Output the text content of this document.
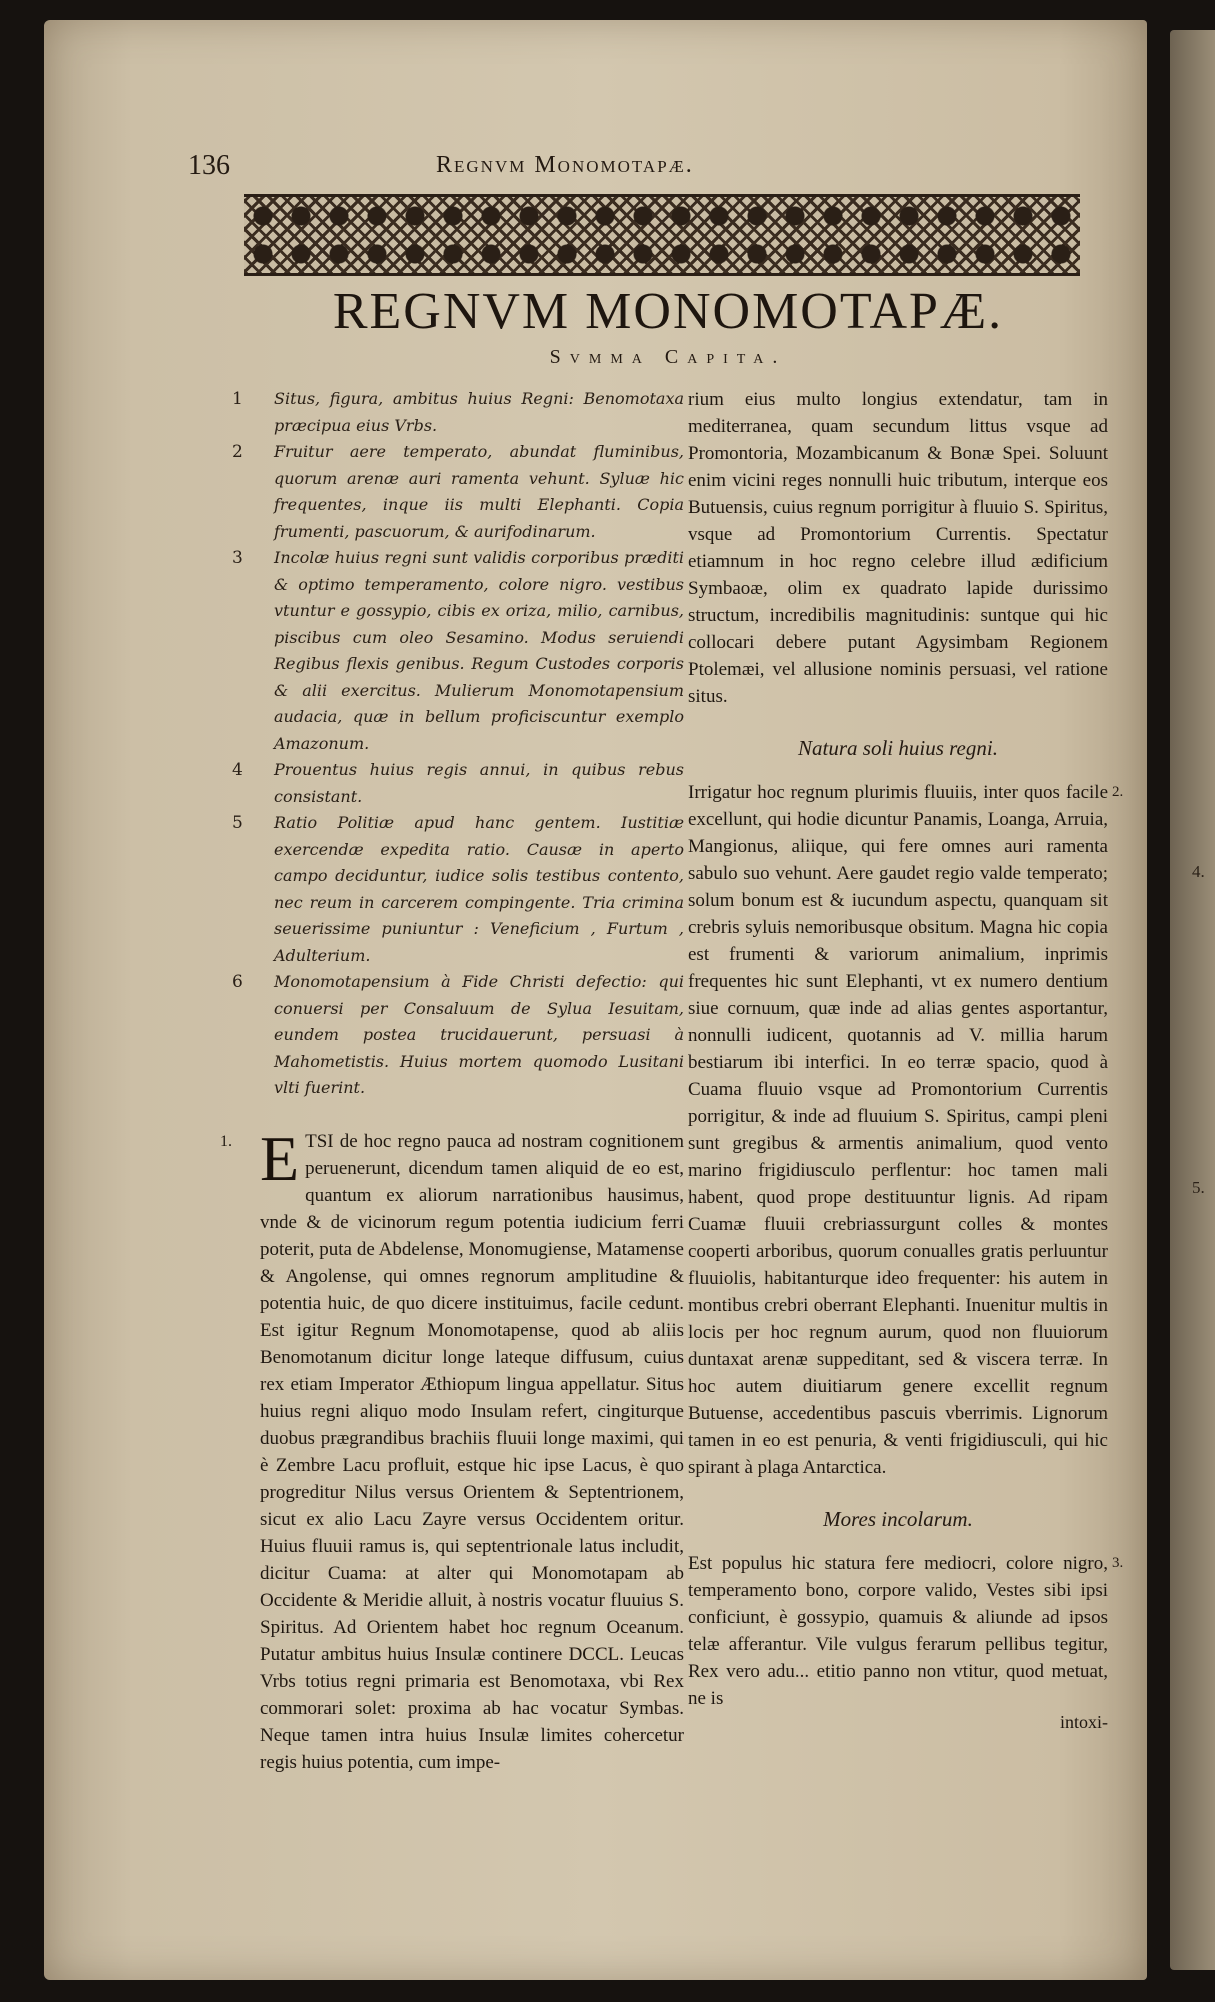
4.
5.
136	Regnvm Monomotapæ.
REGNVM MONOMOTAPÆ.
Svmma Capita.

1 Situs, figura, ambitus huius Regni: Benomotaxa præcipua eius Vrbs.

2 Fruitur aere temperato, abundat fluminibus, quorum arenæ auri ramenta vehunt. Syluæ hic frequentes, inque iis multi Elephanti. Copia frumenti, pascuorum, & aurifodinarum.

3 Incolæ huius regni sunt validis corporibus præditi & optimo temperamento, colore nigro. vestibus vtuntur e gossypio, cibis ex oriza, milio, carnibus, piscibus cum oleo Sesamino. Modus seruiendi Regibus flexis genibus. Regum Custodes corporis & alii exercitus. Mulierum Monomotapensium audacia, quæ in bellum proficiscuntur exemplo Amazonum.

4 Prouentus huius regis annui, in quibus rebus consistant.

5 Ratio Politiæ apud hanc gentem. Iustitiæ exercendæ expedita ratio. Causæ in aperto campo deciduntur, iudice solis testibus contento, nec reum in carcerem compingente. Tria crimina seuerissime puniuntur : Veneficium , Furtum , Adulterium.

6 Monomotapensium à Fide Christi defectio: qui conuersi per Consaluum de Sylua Iesuitam, eundem postea trucidauerunt, persuasi à Mahometistis. Huius mortem quomodo Lusitani vlti fuerint.

1. E TSI de hoc regno pauca ad nostram cognitionem peruenerunt, dicendum tamen aliquid de eo est, quantum ex aliorum narrationibus hausimus, vnde & de vicinorum regum potentia iudicium ferri poterit, puta de Abdelense, Monomugiense, Matamense & Angolense, qui omnes regnorum amplitudine & potentia huic, de quo dicere instituimus, facile cedunt. Est igitur Regnum Monomotapense, quod ab aliis Benomotanum dicitur longe lateque diffusum, cuius rex etiam Imperator Æthiopum lingua appellatur. Situs huius regni aliquo modo Insulam refert, cingiturque duobus prægrandibus brachiis fluuii longe maximi, qui è Zembre Lacu profluit, estque hic ipse Lacus, è quo progreditur Nilus versus Orientem & Septentrionem, sicut ex alio Lacu Zayre versus Occidentem oritur. Huius fluuii ramus is, qui septentrionale latus includit, dicitur Cuama: at alter qui Monomotapam ab Occidente & Meridie alluit, à nostris vocatur fluuius S. Spiritus. Ad Orientem habet hoc regnum Oceanum. Putatur ambitus huius Insulæ continere DCCL. Leucas Vrbs totius regni primaria est Benomotaxa, vbi Rex commorari solet: proxima ab hac vocatur Symbas. Neque tamen intra huius Insulæ limites cohercetur regis huius potentia, cum impe-

rium eius multo longius extendatur, tam in mediterranea, quam secundum littus vsque ad Promontoria, Mozambicanum & Bonæ Spei. Soluunt enim vicini reges nonnulli huic tributum, interque eos Butuensis, cuius regnum porrigitur à fluuio S. Spiritus, vsque ad Promontorium Currentis. Spectatur etiamnum in hoc regno celebre illud ædificium Symbaoæ, olim ex quadrato lapide durissimo structum, incredibilis magnitudinis: suntque qui hic collocari debere putant Agysimbam Regionem Ptolemæi, vel allusione nominis persuasi, vel ratione situs.

Natura soli huius regni.

2.
Irrigatur hoc regnum plurimis fluuiis, inter quos facile excellunt, qui hodie dicuntur Panamis, Loanga, Arruia, Mangionus, aliique, qui fere omnes auri ramenta sabulo suo vehunt. Aere gaudet regio valde temperato; solum bonum est & iucundum aspectu, quanquam sit crebris syluis nemoribusque obsitum. Magna hic copia est frumenti & variorum animalium, inprimis frequentes hic sunt Elephanti, vt ex numero dentium siue cornuum, quæ inde ad alias gentes asportantur, nonnulli iudicent, quotannis ad V. millia harum bestiarum ibi interfici. In eo terræ spacio, quod à Cuama fluuio vsque ad Promontorium Currentis porrigitur, & inde ad fluuium S. Spiritus, campi pleni sunt gregibus & armentis animalium, quod vento marino frigidiusculo perflentur: hoc tamen mali habent, quod prope destituuntur lignis. Ad ripam Cuamæ fluuii crebriassurgunt colles & montes cooperti arboribus, quorum conualles gratis perluuntur fluuiolis, habitanturque ideo frequenter: his autem in montibus crebri oberrant Elephanti. Inuenitur multis in locis per hoc regnum aurum, quod non fluuiorum duntaxat arenæ suppeditant, sed & viscera terræ. In hoc autem diuitiarum genere excellit regnum Butuense, accedentibus pascuis vberrimis. Lignorum tamen in eo est penuria, & venti frigidiusculi, qui hic spirant à plaga Antarctica.

Mores incolarum.

3.
Est populus hic statura fere mediocri, colore nigro, temperamento bono, corpore valido, Vestes sibi ipsi conficiunt, è gossypio, quamuis & aliunde ad ipsos telæ afferantur. Vile vulgus ferarum pellibus tegitur, Rex vero adu... etitio panno non vtitur, quod metuat, ne is

intoxi-
